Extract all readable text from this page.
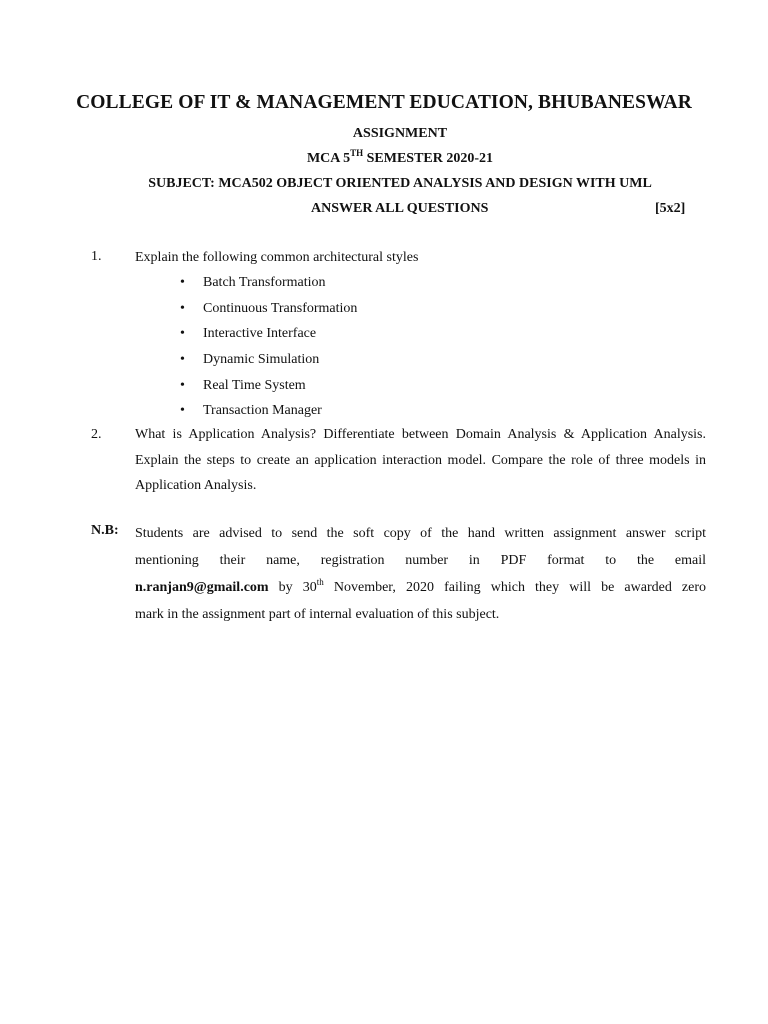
COLLEGE OF IT & MANAGEMENT EDUCATION, BHUBANESWAR
ASSIGNMENT
MCA 5TH SEMESTER 2020-21
SUBJECT: MCA502 OBJECT ORIENTED ANALYSIS AND DESIGN WITH UML
ANSWER ALL QUESTIONS	[5x2]
1. Explain the following common architectural styles
• Batch Transformation
• Continuous Transformation
• Interactive Interface
• Dynamic Simulation
• Real Time System
• Transaction Manager
2. What is Application Analysis? Differentiate between Domain Analysis & Application Analysis. Explain the steps to create an application interaction model. Compare the role of three models in Application Analysis.
N.B: Students are advised to send the soft copy of the hand written assignment answer script
mentioning their name, registration number in PDF format to the email
n.ranjan9@gmail.com by 30th November, 2020 failing which they will be awarded zero
mark in the assignment part of internal evaluation of this subject.
